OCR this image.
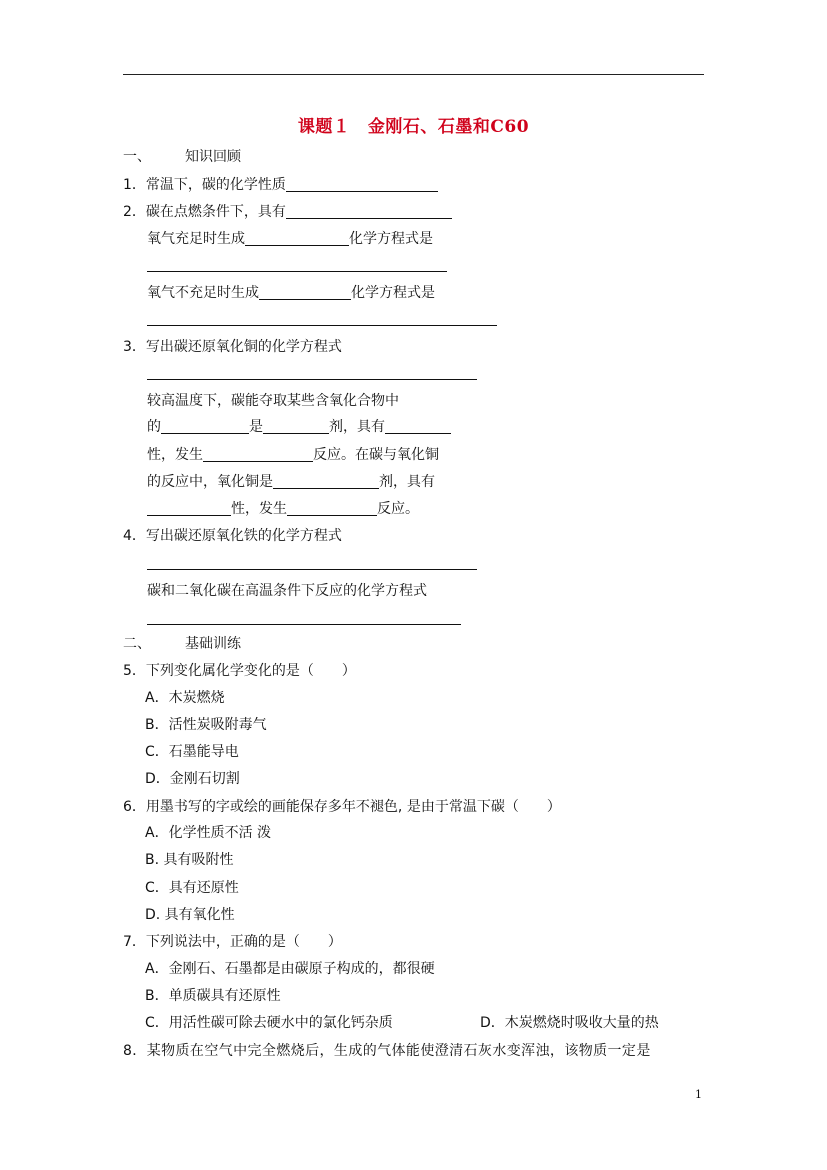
课题１　金刚石、石墨和C60
一、 知识回顾
1．常温下，碳的化学性质
2．碳在点燃条件下，具有
氧气充足时生成	化学方程式是
氧气不充足时生成	化学方程式是
3．写出碳还原氧化铜的化学方程式
较高温度下，碳能夺取某些含氧化合物中
的	是	剂，具有
性，发生	反应。在碳与氧化铜
的反应中，氧化铜是	剂，具有
性，发生	反应。
4．写出碳还原氧化铁的化学方程式
碳和二氧化碳在高温条件下反应的化学方程式
二、 基础训练
5．下列变化属化学变化的是（　　）
A．木炭燃烧
B．活性炭吸附毒气
C．石墨能导电
D．金刚石切割
6．用墨书写的字或绘的画能保存多年不褪色, 是由于常温下碳（　　）
A．化学性质不活 泼
B. 具有吸附性
C．具有还原性
D. 具有氧化性
7．下列说法中，正确的是（　　）
A．金刚石、石墨都是由碳原子构成的，都很硬
B．单质碳具有还原性
C．用活性碳可除去硬水中的氯化钙杂质	D．木炭燃烧时吸收大量的热
8．某物质在空气中完全燃烧后，生成的气体能使澄清石灰水变浑浊，该物质一定是
1
